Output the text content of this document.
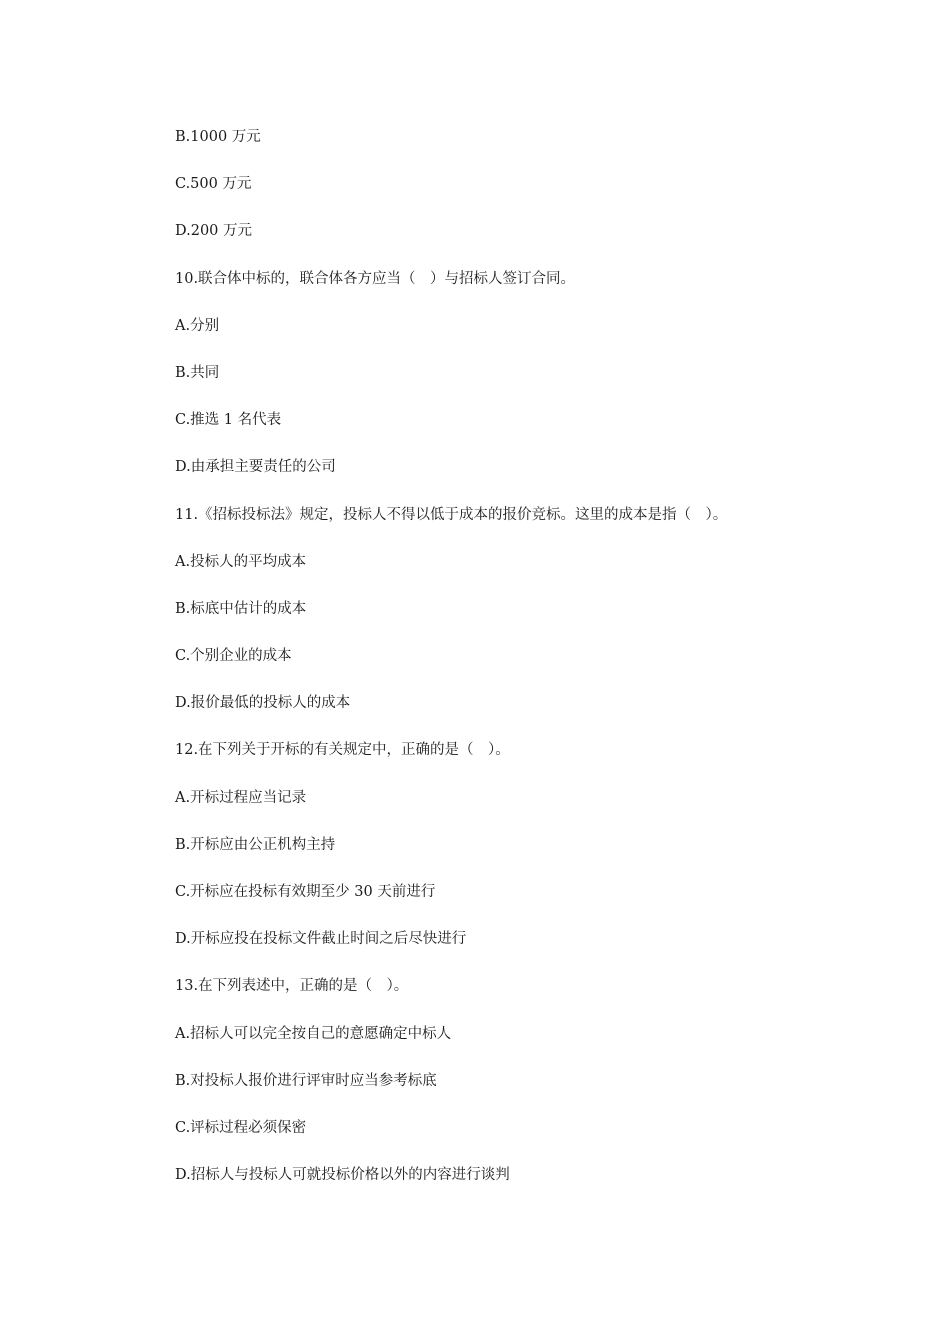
B.1000 万元
C.500 万元
D.200 万元
10.联合体中标的，联合体各方应当（　）与招标人签订合同。
A.分别
B.共同
C.推选 1 名代表
D.由承担主要责任的公司
11.《招标投标法》规定，投标人不得以低于成本的报价竞标。这里的成本是指（　）。
A.投标人的平均成本
B.标底中估计的成本
C.个别企业的成本
D.报价最低的投标人的成本
12.在下列关于开标的有关规定中，正确的是（　）。
A.开标过程应当记录
B.开标应由公正机构主持
C.开标应在投标有效期至少 30 天前进行
D.开标应投在投标文件截止时间之后尽快进行
13.在下列表述中，正确的是（　）。
A.招标人可以完全按自己的意愿确定中标人
B.对投标人报价进行评审时应当参考标底
C.评标过程必须保密
D.招标人与投标人可就投标价格以外的内容进行谈判
